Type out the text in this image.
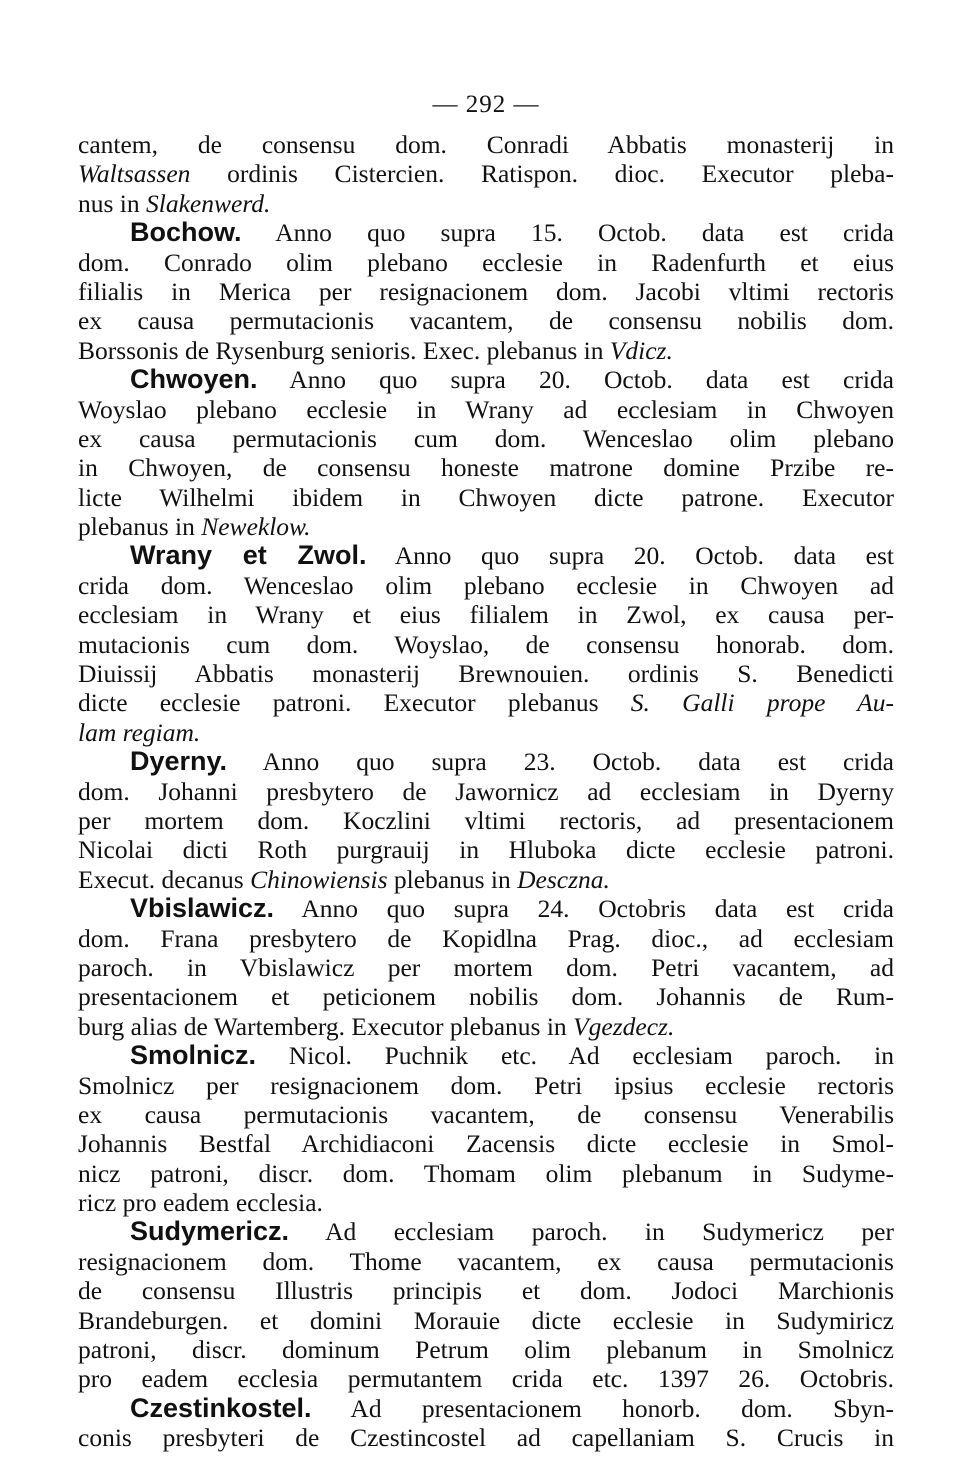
— 292 —
cantem, de consensu dom. Conradi Abbatis monasterij in
Waltsassen ordinis Cistercien. Ratispon. dioc. Executor pleba-
nus in Slakenwerd.
Bochow. Anno quo supra 15. Octob. data est crida
dom. Conrado olim plebano ecclesie in Radenfurth et eius
filialis in Merica per resignacionem dom. Jacobi vltimi rectoris
ex causa permutacionis vacantem, de consensu nobilis dom.
Borssonis de Rysenburg senioris. Exec. plebanus in Vdicz.
Chwoyen. Anno quo supra 20. Octob. data est crida
Woyslao plebano ecclesie in Wrany ad ecclesiam in Chwoyen
ex causa permutacionis cum dom. Wenceslao olim plebano
in Chwoyen, de consensu honeste matrone domine Przibe re-
licte Wilhelmi ibidem in Chwoyen dicte patrone. Executor
plebanus in Neweklow.
Wrany et Zwol. Anno quo supra 20. Octob. data est
crida dom. Wenceslao olim plebano ecclesie in Chwoyen ad
ecclesiam in Wrany et eius filialem in Zwol, ex causa per-
mutacionis cum dom. Woyslao, de consensu honorab. dom.
Diuissij Abbatis monasterij Brewnouien. ordinis S. Benedicti
dicte ecclesie patroni. Executor plebanus S. Galli prope Au-
lam regiam.
Dyerny. Anno quo supra 23. Octob. data est crida
dom. Johanni presbytero de Jawornicz ad ecclesiam in Dyerny
per mortem dom. Koczlini vltimi rectoris, ad presentacionem
Nicolai dicti Roth purgrauij in Hluboka dicte ecclesie patroni.
Execut. decanus Chinowiensis plebanus in Desczna.
Vbislawicz. Anno quo supra 24. Octobris data est crida
dom. Frana presbytero de Kopidlna Prag. dioc., ad ecclesiam
paroch. in Vbislawicz per mortem dom. Petri vacantem, ad
presentacionem et peticionem nobilis dom. Johannis de Rum-
burg alias de Wartemberg. Executor plebanus in Vgezdecz.
Smolnicz. Nicol. Puchnik etc. Ad ecclesiam paroch. in
Smolnicz per resignacionem dom. Petri ipsius ecclesie rectoris
ex causa permutacionis vacantem, de consensu Venerabilis
Johannis Bestfal Archidiaconi Zacensis dicte ecclesie in Smol-
nicz patroni, discr. dom. Thomam olim plebanum in Sudyme-
ricz pro eadem ecclesia.
Sudymericz. Ad ecclesiam paroch. in Sudymericz per
resignacionem dom. Thome vacantem, ex causa permutacionis
de consensu Illustris principis et dom. Jodoci Marchionis
Brandeburgen. et domini Morauie dicte ecclesie in Sudymiricz
patroni, discr. dominum Petrum olim plebanum in Smolnicz
pro eadem ecclesia permutantem crida etc. 1397 26. Octobris.
Czestinkostel. Ad presentacionem honorb. dom. Sbyn-
conis presbyteri de Czestincostel ad capellaniam S. Crucis in
